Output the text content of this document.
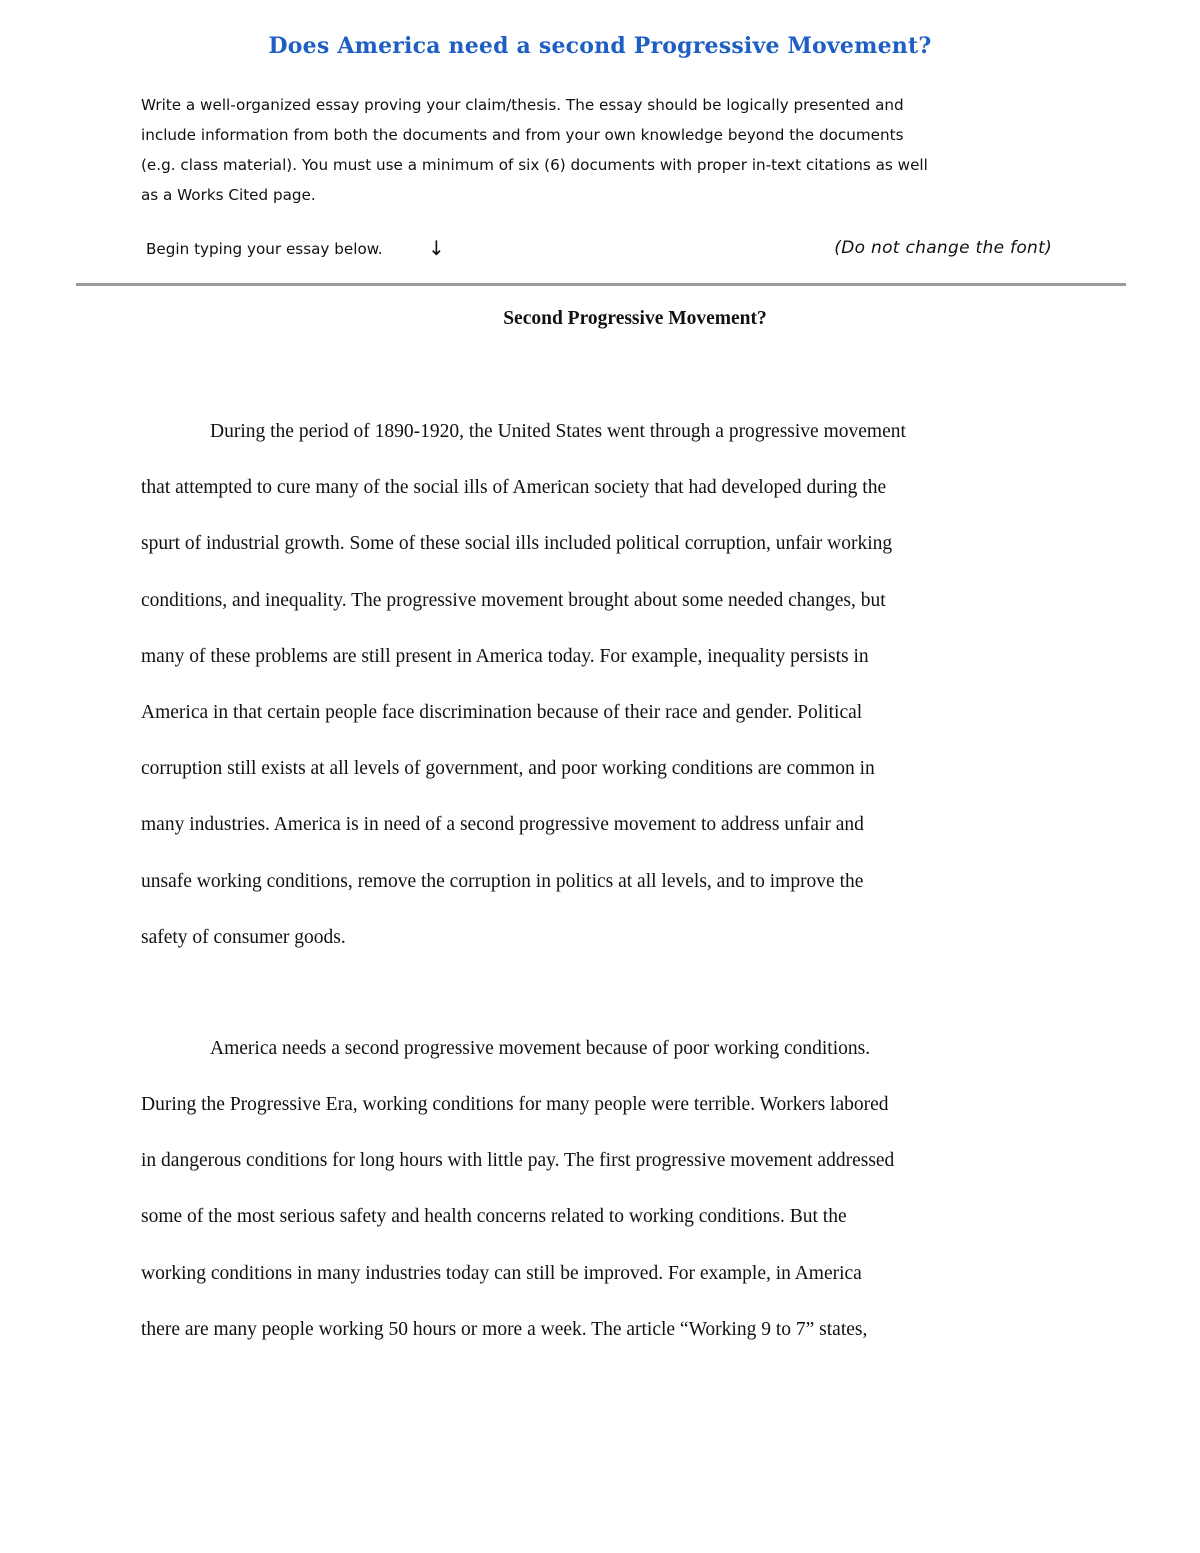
Does America need a second Progressive Movement?
Write a well-organized essay proving your claim/thesis. The essay should be logically presented and
include information from both the documents and from your own knowledge beyond the documents
(e.g. class material). You must use a minimum of six (6) documents with proper in-text citations as well
as a Works Cited page.
Begin typing your essay below. ↓	(Do not change the font)
Second Progressive Movement?
During the period of 1890-1920, the United States went through a progressive movement
that attempted to cure many of the social ills of American society that had developed during the
spurt of industrial growth. Some of these social ills included political corruption, unfair working
conditions, and inequality. The progressive movement brought about some needed changes, but
many of these problems are still present in America today. For example, inequality persists in
America in that certain people face discrimination because of their race and gender. Political
corruption still exists at all levels of government, and poor working conditions are common in
many industries. America is in need of a second progressive movement to address unfair and
unsafe working conditions, remove the corruption in politics at all levels, and to improve the
safety of consumer goods.
America needs a second progressive movement because of poor working conditions.
During the Progressive Era, working conditions for many people were terrible. Workers labored
in dangerous conditions for long hours with little pay. The first progressive movement addressed
some of the most serious safety and health concerns related to working conditions. But the
working conditions in many industries today can still be improved. For example, in America
there are many people working 50 hours or more a week. The article “Working 9 to 7” states,
